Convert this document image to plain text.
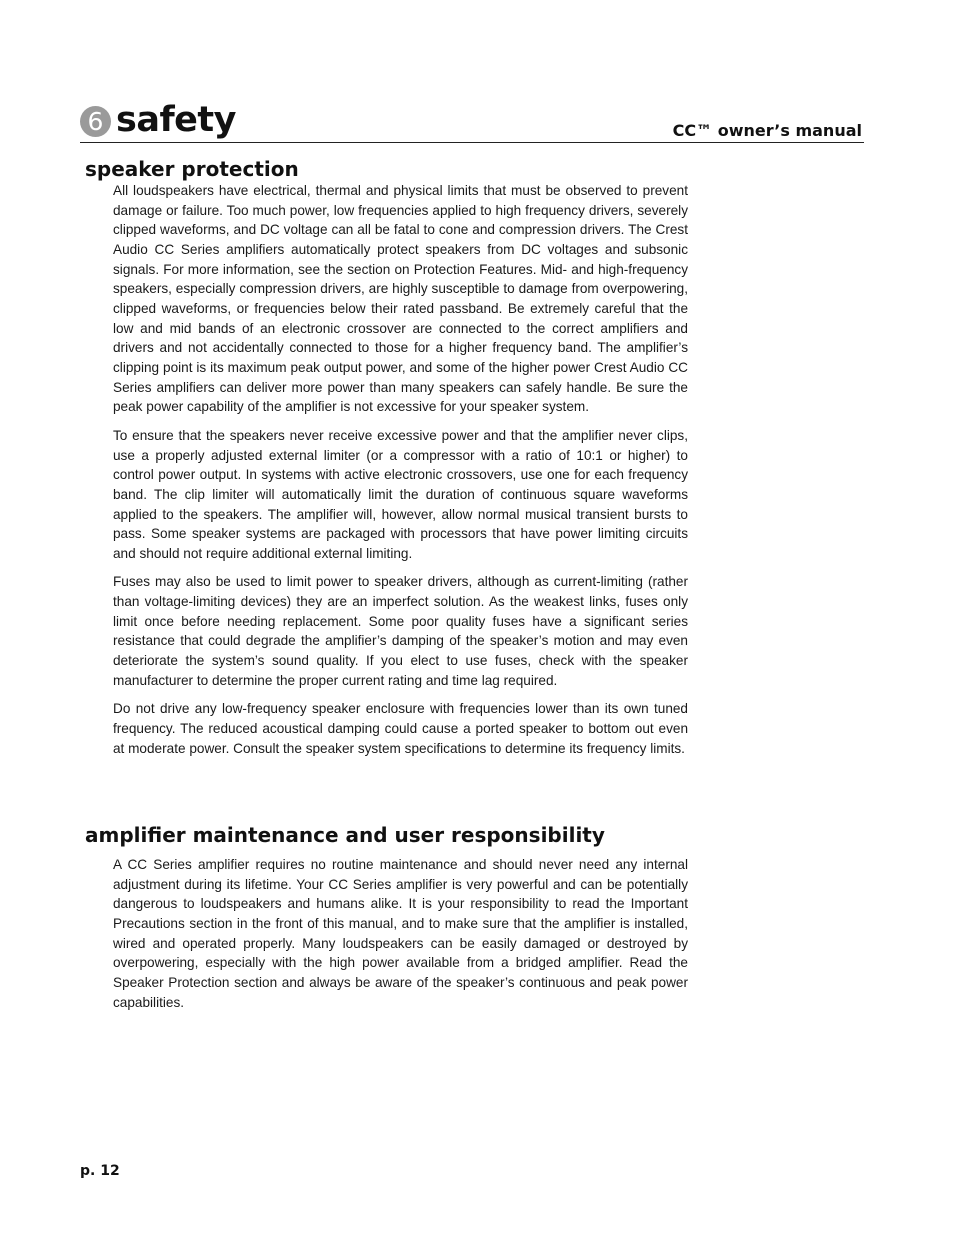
6 safety	CC™ owner’s manual
speaker protection

All loudspeakers have electrical, thermal and physical limits that must be observed to prevent damage or failure. Too much power, low frequencies applied to high frequency drivers, severely clipped waveforms, and DC voltage can all be fatal to cone and compression drivers. The Crest Audio CC Series amplifiers automatically protect speakers from DC voltages and subsonic signals. For more information, see the section on Protection Features. Mid- and high-frequency speakers, especially compression drivers, are highly susceptible to damage from overpowering, clipped waveforms, or frequencies below their rated passband. Be extremely careful that the low and mid bands of an electronic crossover are connected to the correct amplifiers and drivers and not accidentally connected to those for a higher frequency band. The amplifier’s clipping point is its maximum peak output power, and some of the higher power Crest Audio CC Series amplifiers can deliver more power than many speakers can safely handle. Be sure the peak power capability of the amplifier is not excessive for your speaker system.

To ensure that the speakers never receive excessive power and that the amplifier never clips, use a properly adjusted external limiter (or a compressor with a ratio of 10:1 or higher) to control power output. In systems with active electronic crossovers, use one for each frequency band. The clip limiter will automatically limit the duration of continuous square waveforms applied to the speakers. The amplifier will, however, allow normal musical transient bursts to pass. Some speaker systems are packaged with processors that have power limiting circuits and should not require additional external limiting.

Fuses may also be used to limit power to speaker drivers, although as current-limiting (rather than voltage-limiting devices) they are an imperfect solution. As the weakest links, fuses only limit once before needing replacement. Some poor quality fuses have a significant series resistance that could degrade the amplifier’s damping of the speaker’s motion and may even deteriorate the system’s sound quality. If you elect to use fuses, check with the speaker manufacturer to determine the proper current rating and time lag required.

Do not drive any low-frequency speaker enclosure with frequencies lower than its own tuned frequency. The reduced acoustical damping could cause a ported speaker to bottom out even at moderate power. Consult the speaker system specifications to determine its frequency limits.

amplifier maintenance and user responsibility

A CC Series amplifier requires no routine maintenance and should never need any internal adjustment during its lifetime. Your CC Series amplifier is very powerful and can be potentially dangerous to loudspeakers and humans alike. It is your responsibility to read the Important Precautions section in the front of this manual, and to make sure that the amplifier is installed, wired and operated properly. Many loudspeakers can be easily damaged or destroyed by overpowering, especially with the high power available from a bridged amplifier. Read the Speaker Protection section and always be aware of the speaker’s continuous and peak power capabilities.

p. 12
